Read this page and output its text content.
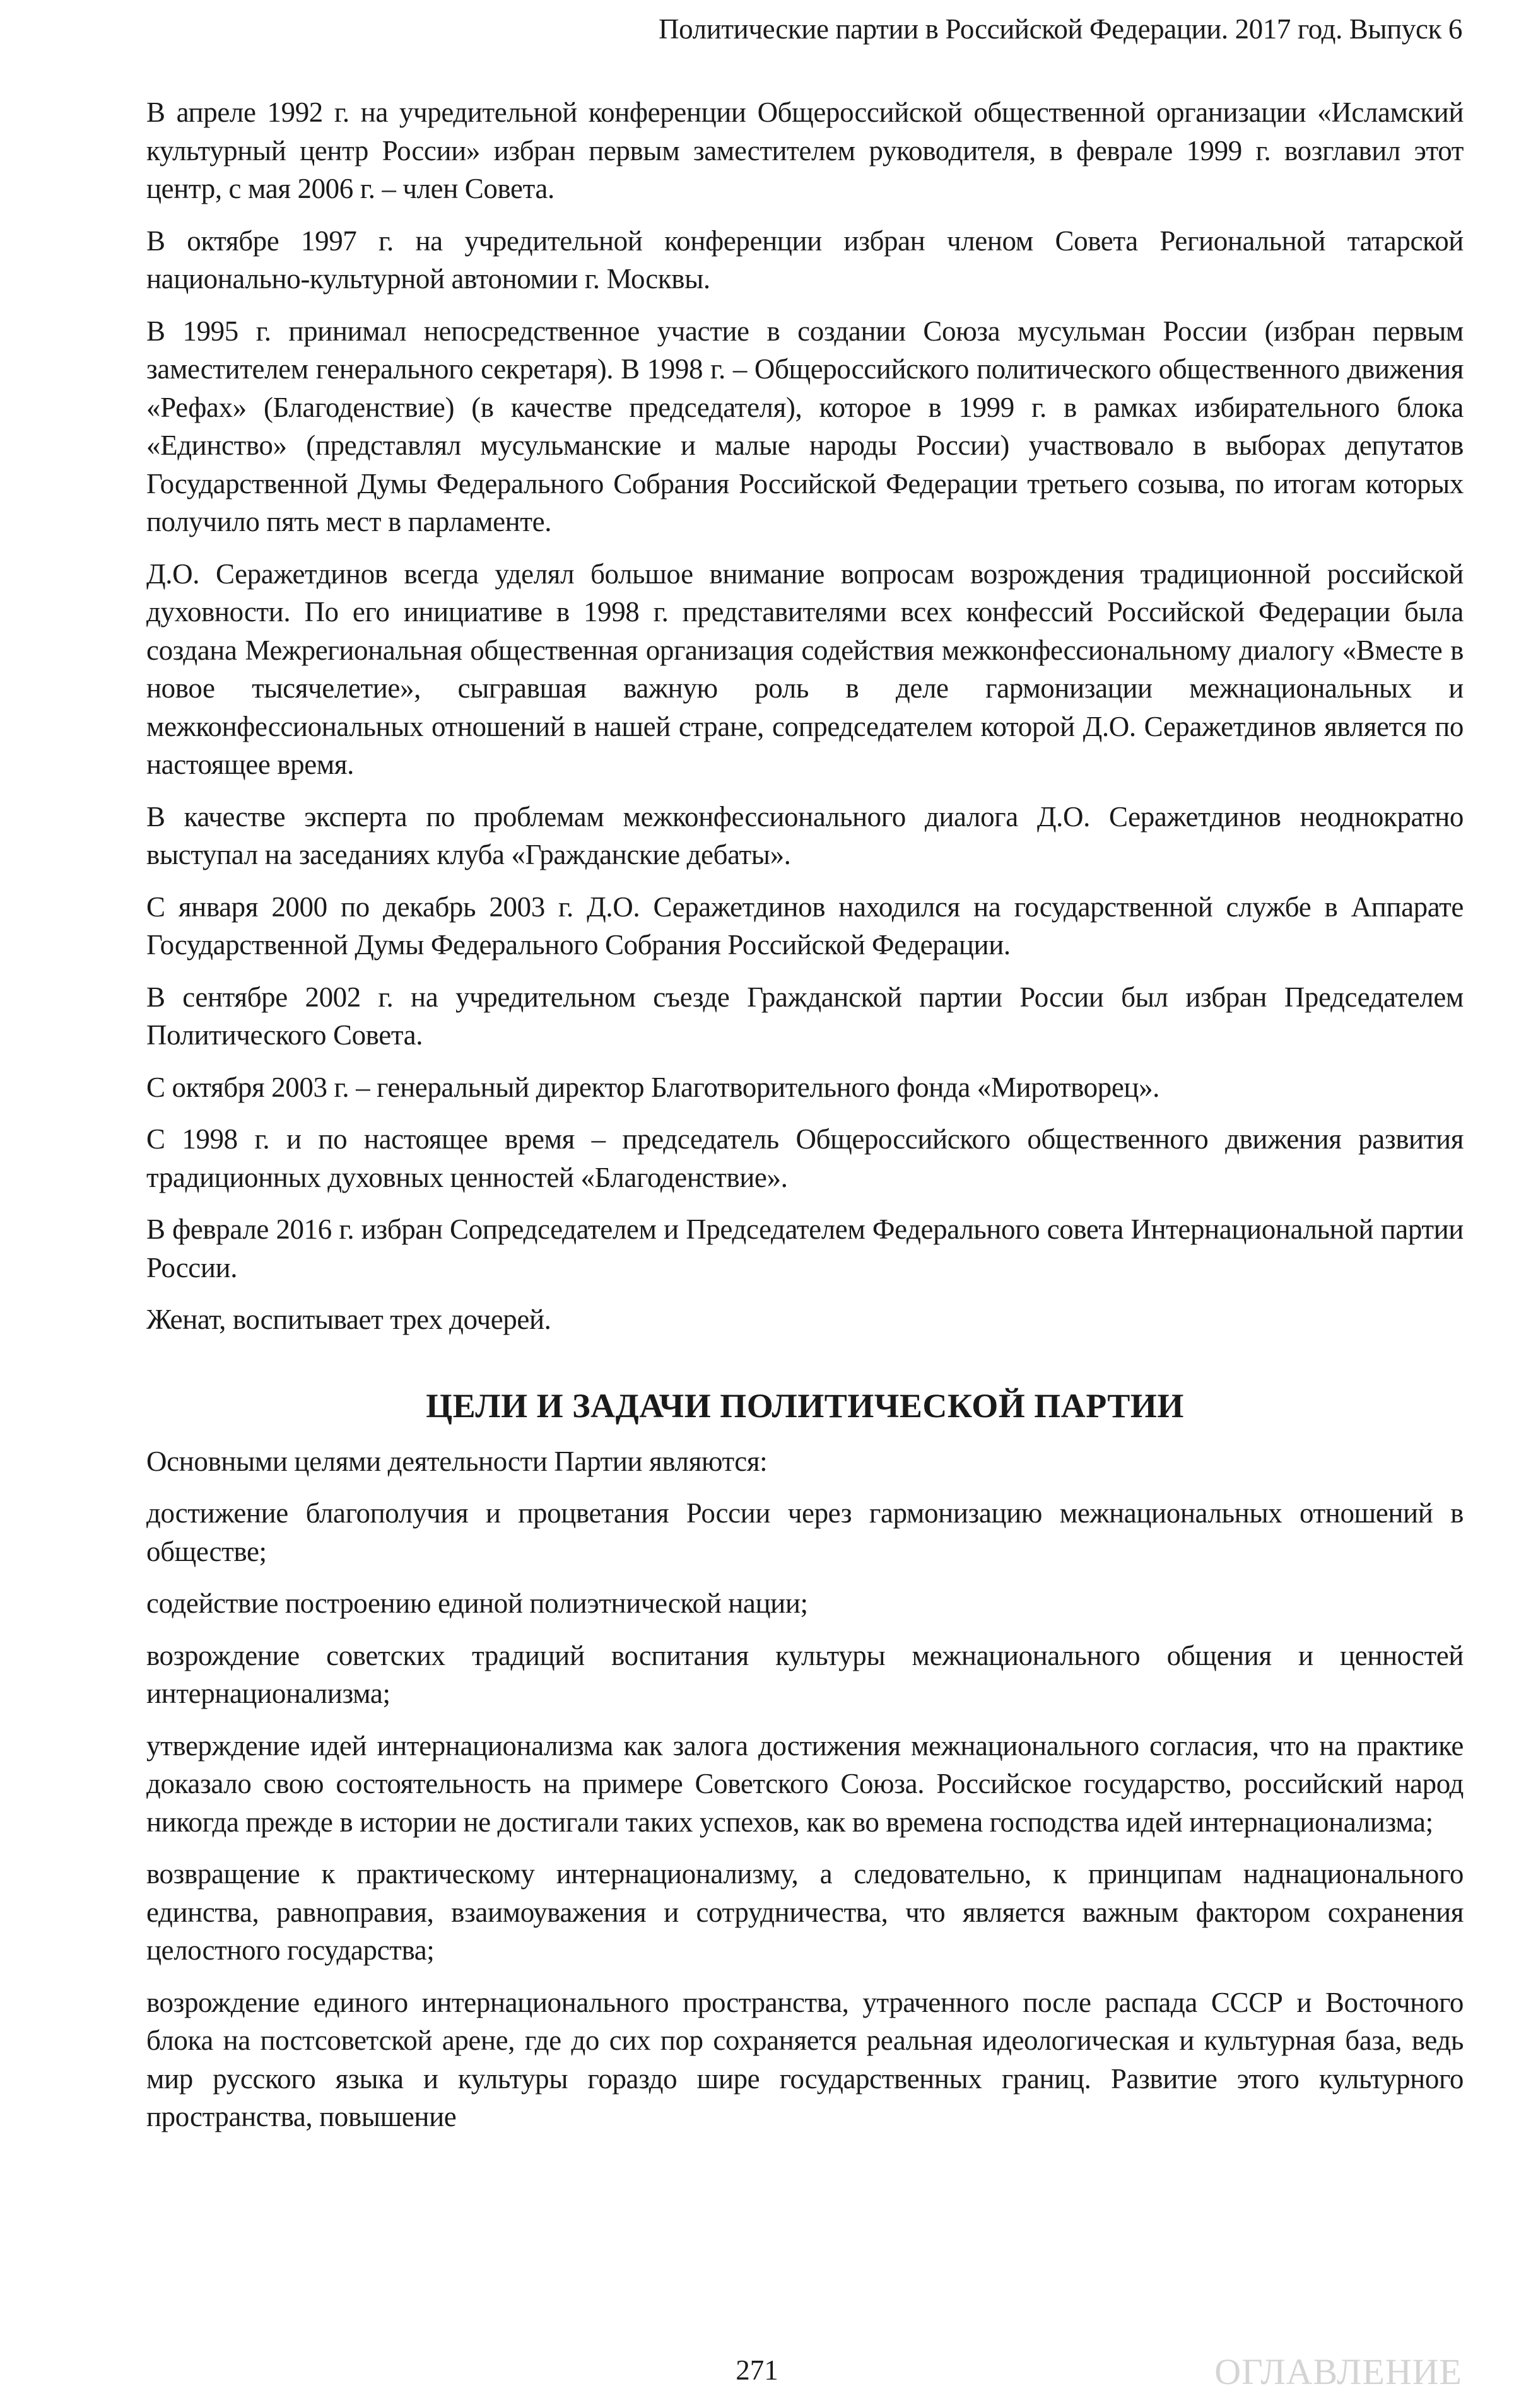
Политические партии в Российской Федерации. 2017 год. Выпуск 6

В апреле 1992 г. на учредительной конференции Общероссийской общественной организации «Исламский культурный центр России» избран первым заместителем руководителя, в феврале 1999 г. возглавил этот центр, с мая 2006 г. – член Совета.

В октябре 1997 г. на учредительной конференции избран членом Совета Региональной татарской национально-культурной автономии г. Москвы.

В 1995 г. принимал непосредственное участие в создании Союза мусульман России (избран первым заместителем генерального секретаря). В 1998 г. – Общероссийского политического общественного движения «Рефах» (Благоденствие) (в качестве председателя), которое в 1999 г. в рамках избирательного блока «Единство» (представлял мусульманские и малые народы России) участвовало в выборах депутатов Государственной Думы Федерального Собрания Российской Федерации третьего созыва, по итогам которых получило пять мест в парламенте.

Д.О. Сеpажетдинов всегда уделял большое внимание вопросам возрождения традиционной российской духовности. По его инициативе в 1998 г. представителями всех конфессий Российской Федерации была создана Межрегиональная общественная организация содействия межконфессиональному диалогу «Вместе в новое тысячелетие», сыгравшая важную роль в деле гармонизации межнациональных и межконфессиональных отношений в нашей стране, сопредседателем которой Д.О. Сеpажетдинов является по настоящее время.

В качестве эксперта по проблемам межконфессионального диалога Д.О. Сеpажетдинов неоднократно выступал на заседаниях клуба «Гражданские дебаты».

С января 2000 по декабрь 2003 г. Д.О. Сеpажетдинов находился на государственной службе в Аппарате Государственной Думы Федерального Собрания Российской Федерации.

В сентябре 2002 г. на учредительном съезде Гражданской партии России был избран Председателем Политического Совета.

С октября 2003 г. – генеральный директор Благотворительного фонда «Миротворец».

С 1998 г. и по настоящее время – председатель Общероссийского общественного движения развития традиционных духовных ценностей «Благоденствие».

В феврале 2016 г. избран Сопредседателем и Председателем Федерального совета Интернациональной партии России.

Женат, воспитывает трех дочерей.

ЦЕЛИ И ЗАДАЧИ ПОЛИТИЧЕСКОЙ ПАРТИИ

Основными целями деятельности Партии являются:

достижение благополучия и процветания России через гармонизацию межнациональных отношений в обществе;

содействие построению единой полиэтнической нации;

возрождение советских традиций воспитания культуры межнационального общения и ценностей интернационализма;

утверждение идей интернационализма как залога достижения межнационального согласия, что на практике доказало свою состоятельность на примере Советского Союза. Российское государство, российский народ никогда прежде в истории не достигали таких успехов, как во времена господства идей интернационализма;

возвращение к практическому интернационализму, а следовательно, к принципам наднационального единства, равноправия, взаимоуважения и сотрудничества, что является важным фактором сохранения целостного государства;

возрождение единого интернационального пространства, утраченного после распада СССР и Восточного блока на постсоветской арене, где до сих пор сохраняется реальная идеологическая и культурная база, ведь мир русского языка и культуры гораздо шире государственных границ. Развитие этого культурного пространства, повышение

271	ОГЛАВЛЕНИЕ
